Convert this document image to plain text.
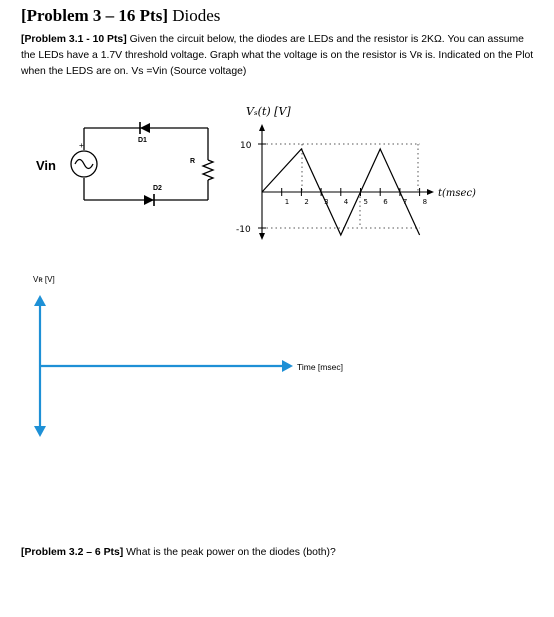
[Problem 3 – 16 Pts] Diodes
[Problem 3.1 - 10 Pts] Given the circuit below, the diodes are LEDs and the resistor is 2KΩ. You can assume the LEDs have a 1.7V threshold voltage. Graph what the voltage is on the resistor is Vʀ is. Indicated on the Plot when the LEDS are on. Vs =Vin (Source voltage)
+
D1
D2
R
Vin
Vₛ(t) [V]
10
-10
1 2 3 4 5 6 7 8
t(msec)
Vʀ [V]
Time [msec]
[Problem 3.2 – 6 Pts] What is the peak power on the diodes (both)?
